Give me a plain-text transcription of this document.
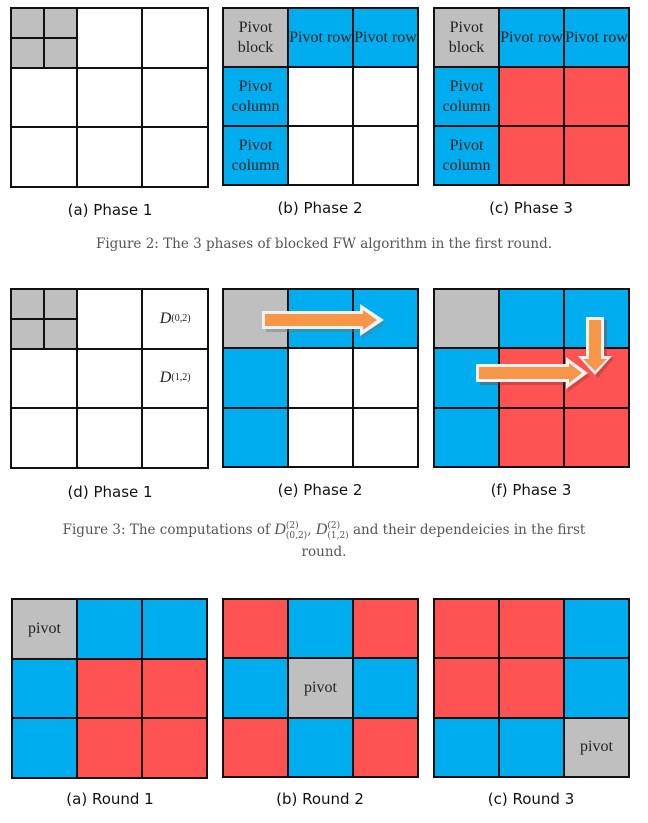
(a) Phase 1
Pivot block
Pivot row Pivot row
Pivot column
Pivot column
(b) Phase 2
Pivot block
Pivot row Pivot row
Pivot column
Pivot column
(c) Phase 3
Figure 2: The 3 phases of blocked FW algorithm in the first round.
D (0,2)
D (1,2)
(d) Phase 1	(e) Phase 2	(f) Phase 3
Figure 3: The computations of D (2)
(0,2) , D (2)
(1,2) and their dependeicies in the first
round.
pivot
(a) Round 1
pivot
(b) Round 2
pivot
(c) Round 3
